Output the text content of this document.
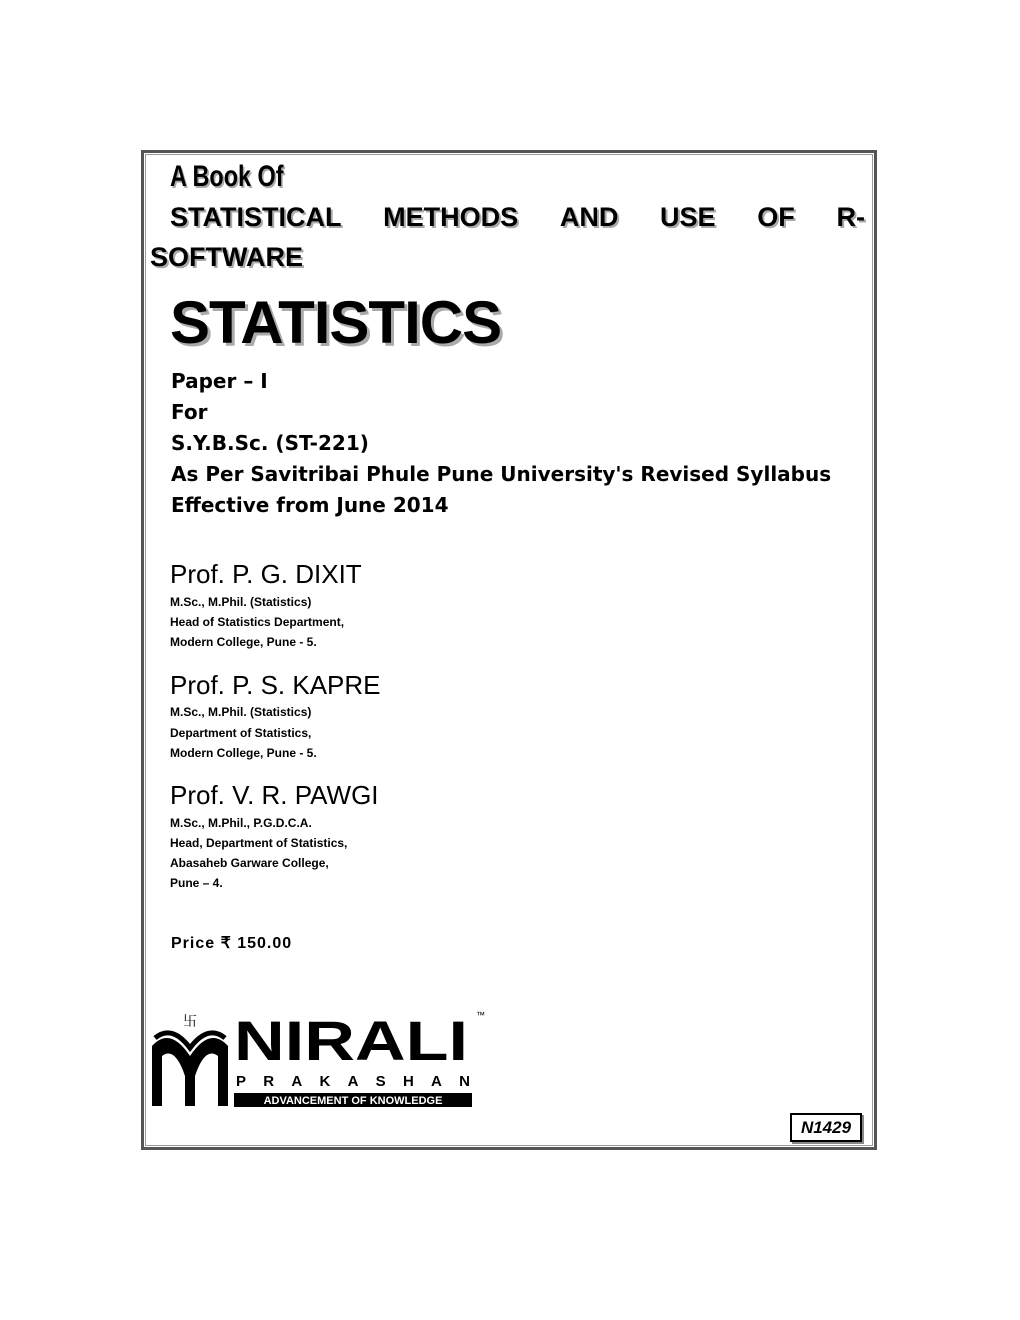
A Book Of
STATISTICAL METHODS AND USE OF R-
SOFTWARE
STATISTICS
Paper – I
For
S.Y.B.Sc. (ST-221)
As Per Savitribai Phule Pune University's Revised Syllabus
Effective from June 2014
Prof. P. G. DIXIT
M.Sc., M.Phil. (Statistics)
Head of Statistics Department,
Modern College, Pune - 5.
Prof. P. S. KAPRE
M.Sc., M.Phil. (Statistics)
Department of Statistics,
Modern College, Pune - 5.
Prof. V. R. PAWGI
M.Sc., M.Phil., P.G.D.C.A.
Head, Department of Statistics,
Abasaheb Garware College,
Pune – 4.
Price ₹ 150.00
卐 NIRALI ™
PRAKASHAN
ADVANCEMENT OF KNOWLEDGE
N1429
